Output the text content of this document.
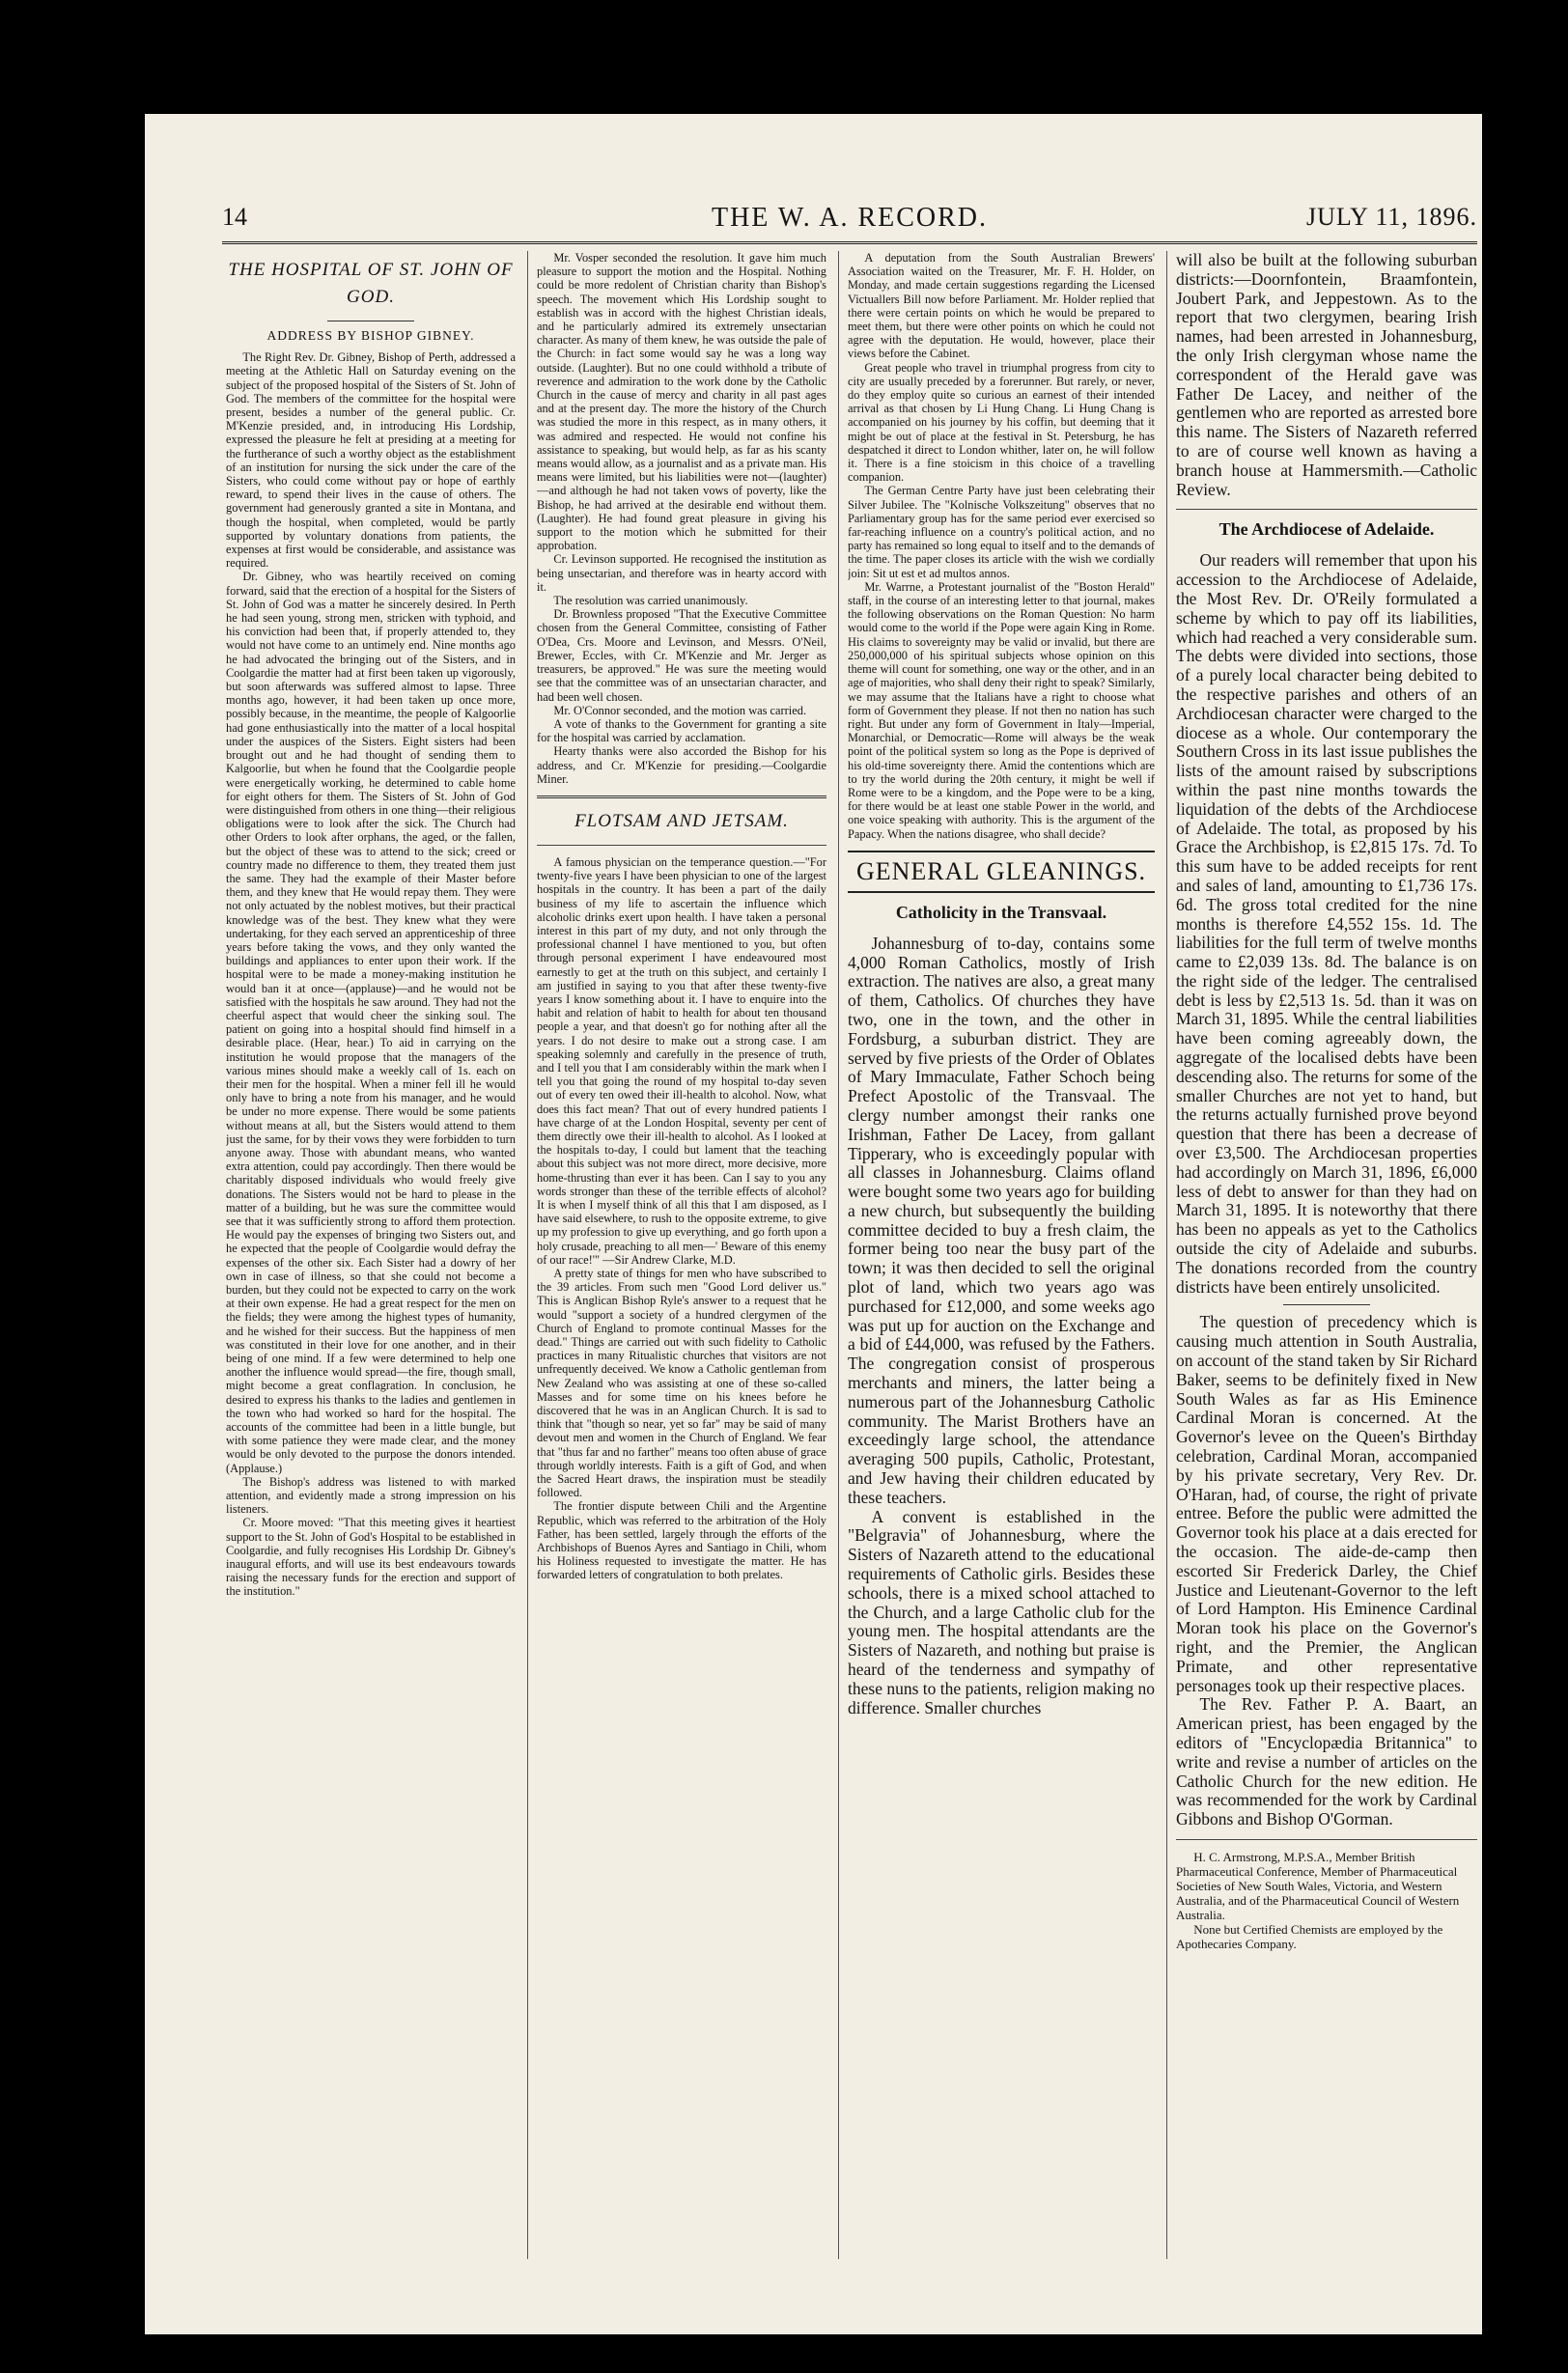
14	THE W. A. RECORD.	JULY 11, 1896.
THE HOSPITAL OF ST. JOHN OF GOD.
ADDRESS BY BISHOP GIBNEY.

The Right Rev. Dr. Gibney, Bishop of Perth, addressed a meeting at the Athletic Hall on Saturday evening on the subject of the proposed hospital of the Sisters of St. John of God. The members of the committee for the hospital were present, besides a number of the general public. Cr. M'Kenzie presided, and, in introducing His Lordship, expressed the pleasure he felt at presiding at a meeting for the furtherance of such a worthy object as the establishment of an institution for nursing the sick under the care of the Sisters, who could come without pay or hope of earthly reward, to spend their lives in the cause of others. The government had generously granted a site in Montana, and though the hospital, when completed, would be partly supported by voluntary donations from patients, the expenses at first would be considerable, and assistance was required.

Dr. Gibney, who was heartily received on coming forward, said that the erection of a hospital for the Sisters of St. John of God was a matter he sincerely desired. In Perth he had seen young, strong men, stricken with typhoid, and his conviction had been that, if properly attended to, they would not have come to an untimely end. Nine months ago he had advocated the bringing out of the Sisters, and in Coolgardie the matter had at first been taken up vigorously, but soon afterwards was suffered almost to lapse. Three months ago, however, it had been taken up once more, possibly because, in the meantime, the people of Kalgoorlie had gone enthusiastically into the matter of a local hospital under the auspices of the Sisters. Eight sisters had been brought out and he had thought of sending them to Kalgoorlie, but when he found that the Coolgardie people were energetically working, he determined to cable home for eight others for them. The Sisters of St. John of God were distinguished from others in one thing—their religious obligations were to look after the sick. The Church had other Orders to look after orphans, the aged, or the fallen, but the object of these was to attend to the sick; creed or country made no difference to them, they treated them just the same. They had the example of their Master before them, and they knew that He would repay them. They were not only actuated by the noblest motives, but their practical knowledge was of the best. They knew what they were undertaking, for they each served an apprenticeship of three years before taking the vows, and they only wanted the buildings and appliances to enter upon their work. If the hospital were to be made a money-making institution he would ban it at once—(applause)—and he would not be satisfied with the hospitals he saw around. They had not the cheerful aspect that would cheer the sinking soul. The patient on going into a hospital should find himself in a desirable place. (Hear, hear.) To aid in carrying on the institution he would propose that the managers of the various mines should make a weekly call of 1s. each on their men for the hospital. When a miner fell ill he would only have to bring a note from his manager, and he would be under no more expense. There would be some patients without means at all, but the Sisters would attend to them just the same, for by their vows they were forbidden to turn anyone away. Those with abundant means, who wanted extra attention, could pay accordingly. Then there would be charitably disposed individuals who would freely give donations. The Sisters would not be hard to please in the matter of a building, but he was sure the committee would see that it was sufficiently strong to afford them protection. He would pay the expenses of bringing two Sisters out, and he expected that the people of Coolgardie would defray the expenses of the other six. Each Sister had a dowry of her own in case of illness, so that she could not become a burden, but they could not be expected to carry on the work at their own expense. He had a great respect for the men on the fields; they were among the highest types of humanity, and he wished for their success. But the happiness of men was constituted in their love for one another, and in their being of one mind. If a few were determined to help one another the influence would spread—the fire, though small, might become a great conflagration. In conclusion, he desired to express his thanks to the ladies and gentlemen in the town who had worked so hard for the hospital. The accounts of the committee had been in a little bungle, but with some patience they were made clear, and the money would be only devoted to the purpose the donors intended. (Applause.)

The Bishop's address was listened to with marked attention, and evidently made a strong impression on his listeners.

Cr. Moore moved: "That this meeting gives it heartiest support to the St. John of God's Hospital to be established in Coolgardie, and fully recognises His Lordship Dr. Gibney's inaugural efforts, and will use its best endeavours towards raising the necessary funds for the erection and support of the institution."

Mr. Vosper seconded the resolution. It gave him much pleasure to support the motion and the Hospital. Nothing could be more redolent of Christian charity than Bishop's speech. The movement which His Lordship sought to establish was in accord with the highest Christian ideals, and he particularly admired its extremely unsectarian character. As many of them knew, he was outside the pale of the Church: in fact some would say he was a long way outside. (Laughter). But no one could withhold a tribute of reverence and admiration to the work done by the Catholic Church in the cause of mercy and charity in all past ages and at the present day. The more the history of the Church was studied the more in this respect, as in many others, it was admired and respected. He would not confine his assistance to speaking, but would help, as far as his scanty means would allow, as a journalist and as a private man. His means were limited, but his liabilities were not—(laughter)—and although he had not taken vows of poverty, like the Bishop, he had arrived at the desirable end without them. (Laughter). He had found great pleasure in giving his support to the motion which he submitted for their approbation.

Cr. Levinson supported. He recognised the institution as being unsectarian, and therefore was in hearty accord with it.

The resolution was carried unanimously.

Dr. Brownless proposed "That the Executive Committee chosen from the General Committee, consisting of Father O'Dea, Crs. Moore and Levinson, and Messrs. O'Neil, Brewer, Eccles, with Cr. M'Kenzie and Mr. Jerger as treasurers, be approved." He was sure the meeting would see that the committee was of an unsectarian character, and had been well chosen.

Mr. O'Connor seconded, and the motion was carried.

A vote of thanks to the Government for granting a site for the hospital was carried by acclamation.

Hearty thanks were also accorded the Bishop for his address, and Cr. M'Kenzie for presiding.—Coolgardie Miner.

FLOTSAM AND JETSAM.

A famous physician on the temperance question.—"For twenty-five years I have been physician to one of the largest hospitals in the country. It has been a part of the daily business of my life to ascertain the influence which alcoholic drinks exert upon health. I have taken a personal interest in this part of my duty, and not only through the professional channel I have mentioned to you, but often through personal experiment I have endeavoured most earnestly to get at the truth on this subject, and certainly I am justified in saying to you that after these twenty-five years I know something about it. I have to enquire into the habit and relation of habit to health for about ten thousand people a year, and that doesn't go for nothing after all the years. I do not desire to make out a strong case. I am speaking solemnly and carefully in the presence of truth, and I tell you that I am considerably within the mark when I tell you that going the round of my hospital to-day seven out of every ten owed their ill-health to alcohol. Now, what does this fact mean? That out of every hundred patients I have charge of at the London Hospital, seventy per cent of them directly owe their ill-health to alcohol. As I looked at the hospitals to-day, I could but lament that the teaching about this subject was not more direct, more decisive, more home-thrusting than ever it has been. Can I say to you any words stronger than these of the terrible effects of alcohol? It is when I myself think of all this that I am disposed, as I have said elsewhere, to rush to the opposite extreme, to give up my profession to give up everything, and go forth upon a holy crusade, preaching to all men—' Beware of this enemy of our race!'" —Sir Andrew Clarke, M.D.

A pretty state of things for men who have subscribed to the 39 articles. From such men "Good Lord deliver us." This is Anglican Bishop Ryle's answer to a request that he would "support a society of a hundred clergymen of the Church of England to promote continual Masses for the dead." Things are carried out with such fidelity to Catholic practices in many Ritualistic churches that visitors are not unfrequently deceived. We know a Catholic gentleman from New Zealand who was assisting at one of these so-called Masses and for some time on his knees before he discovered that he was in an Anglican Church. It is sad to think that "though so near, yet so far" may be said of many devout men and women in the Church of England. We fear that "thus far and no farther" means too often abuse of grace through worldly interests. Faith is a gift of God, and when the Sacred Heart draws, the inspiration must be steadily followed.

The frontier dispute between Chili and the Argentine Republic, which was referred to the arbitration of the Holy Father, has been settled, largely through the efforts of the Archbishops of Buenos Ayres and Santiago in Chili, whom his Holiness requested to investigate the matter. He has forwarded letters of congratulation to both prelates.

A deputation from the South Australian Brewers' Association waited on the Treasurer, Mr. F. H. Holder, on Monday, and made certain suggestions regarding the Licensed Victuallers Bill now before Parliament. Mr. Holder replied that there were certain points on which he would be prepared to meet them, but there were other points on which he could not agree with the deputation. He would, however, place their views before the Cabinet.

Great people who travel in triumphal progress from city to city are usually preceded by a forerunner. But rarely, or never, do they employ quite so curious an earnest of their intended arrival as that chosen by Li Hung Chang. Li Hung Chang is accompanied on his journey by his coffin, but deeming that it might be out of place at the festival in St. Petersburg, he has despatched it direct to London whither, later on, he will follow it. There is a fine stoicism in this choice of a travelling companion.

The German Centre Party have just been celebrating their Silver Jubilee. The "Kolnische Volkszeitung" observes that no Parliamentary group has for the same period ever exercised so far-reaching influence on a country's political action, and no party has remained so long equal to itself and to the demands of the time. The paper closes its article with the wish we cordially join: Sit ut est et ad multos annos.

Mr. Warrne, a Protestant journalist of the "Boston Herald" staff, in the course of an interesting letter to that journal, makes the following observations on the Roman Question: No harm would come to the world if the Pope were again King in Rome. His claims to sovereignty may be valid or invalid, but there are 250,000,000 of his spiritual subjects whose opinion on this theme will count for something, one way or the other, and in an age of majorities, who shall deny their right to speak? Similarly, we may assume that the Italians have a right to choose what form of Government they please. If not then no nation has such right. But under any form of Government in Italy—Imperial, Monarchial, or Democratic—Rome will always be the weak point of the political system so long as the Pope is deprived of his old-time sovereignty there. Amid the contentions which are to try the world during the 20th century, it might be well if Rome were to be a kingdom, and the Pope were to be a king, for there would be at least one stable Power in the world, and one voice speaking with authority. This is the argument of the Papacy. When the nations disagree, who shall decide?

GENERAL GLEANINGS.
Catholicity in the Transvaal.

Johannesburg of to-day, contains some 4,000 Roman Catholics, mostly of Irish extraction. The natives are also, a great many of them, Catholics. Of churches they have two, one in the town, and the other in Fordsburg, a suburban district. They are served by five priests of the Order of Oblates of Mary Immaculate, Father Schoch being Prefect Apostolic of the Transvaal. The clergy number amongst their ranks one Irishman, Father De Lacey, from gallant Tipperary, who is exceedingly popular with all classes in Johannesburg. Claims ofland were bought some two years ago for building a new church, but subsequently the building committee decided to buy a fresh claim, the former being too near the busy part of the town; it was then decided to sell the original plot of land, which two years ago was purchased for £12,000, and some weeks ago was put up for auction on the Exchange and a bid of £44,000, was refused by the Fathers. The congregation consist of prosperous merchants and miners, the latter being a numerous part of the Johannesburg Catholic community. The Marist Brothers have an exceedingly large school, the attendance averaging 500 pupils, Catholic, Protestant, and Jew having their children educated by these teachers.

A convent is established in the "Belgravia" of Johannesburg, where the Sisters of Nazareth attend to the educational requirements of Catholic girls. Besides these schools, there is a mixed school attached to the Church, and a large Catholic club for the young men. The hospital attendants are the Sisters of Nazareth, and nothing but praise is heard of the tenderness and sympathy of these nuns to the patients, religion making no difference. Smaller churches

will also be built at the following suburban districts:—Doornfontein, Braamfontein, Joubert Park, and Jeppestown. As to the report that two clergymen, bearing Irish names, had been arrested in Johannesburg, the only Irish clergyman whose name the correspondent of the Herald gave was Father De Lacey, and neither of the gentlemen who are reported as arrested bore this name. The Sisters of Nazareth referred to are of course well known as having a branch house at Hammersmith.—Catholic Review.

The Archdiocese of Adelaide.

Our readers will remember that upon his accession to the Archdiocese of Adelaide, the Most Rev. Dr. O'Reily formulated a scheme by which to pay off its liabilities, which had reached a very considerable sum. The debts were divided into sections, those of a purely local character being debited to the respective parishes and others of an Archdiocesan character were charged to the diocese as a whole. Our contemporary the Southern Cross in its last issue publishes the lists of the amount raised by subscriptions within the past nine months towards the liquidation of the debts of the Archdiocese of Adelaide. The total, as proposed by his Grace the Archbishop, is £2,815 17s. 7d. To this sum have to be added receipts for rent and sales of land, amounting to £1,736 17s. 6d. The gross total credited for the nine months is therefore £4,552 15s. 1d. The liabilities for the full term of twelve months came to £2,039 13s. 8d. The balance is on the right side of the ledger. The centralised debt is less by £2,513 1s. 5d. than it was on March 31, 1895. While the central liabilities have been coming agreeably down, the aggregate of the localised debts have been descending also. The returns for some of the smaller Churches are not yet to hand, but the returns actually furnished prove beyond question that there has been a decrease of over £3,500. The Archdiocesan properties had accordingly on March 31, 1896, £6,000 less of debt to answer for than they had on March 31, 1895. It is noteworthy that there has been no appeals as yet to the Catholics outside the city of Adelaide and suburbs. The donations recorded from the country districts have been entirely unsolicited.

The question of precedency which is causing much attention in South Australia, on account of the stand taken by Sir Richard Baker, seems to be definitely fixed in New South Wales as far as His Eminence Cardinal Moran is concerned. At the Governor's levee on the Queen's Birthday celebration, Cardinal Moran, accompanied by his private secretary, Very Rev. Dr. O'Haran, had, of course, the right of private entree. Before the public were admitted the Governor took his place at a dais erected for the occasion. The aide-de-camp then escorted Sir Frederick Darley, the Chief Justice and Lieutenant-Governor to the left of Lord Hampton. His Eminence Cardinal Moran took his place on the Governor's right, and the Premier, the Anglican Primate, and other representative personages took up their respective places.

The Rev. Father P. A. Baart, an American priest, has been engaged by the editors of "Encyclopædia Britannica" to write and revise a number of articles on the Catholic Church for the new edition. He was recommended for the work by Cardinal Gibbons and Bishop O'Gorman.

H. C. Armstrong, M.P.S.A., Member British Pharmaceutical Conference, Member of Pharmaceutical Societies of New South Wales, Victoria, and Western Australia, and of the Pharmaceutical Council of Western Australia.

None but Certified Chemists are employed by the Apothecaries Company.
